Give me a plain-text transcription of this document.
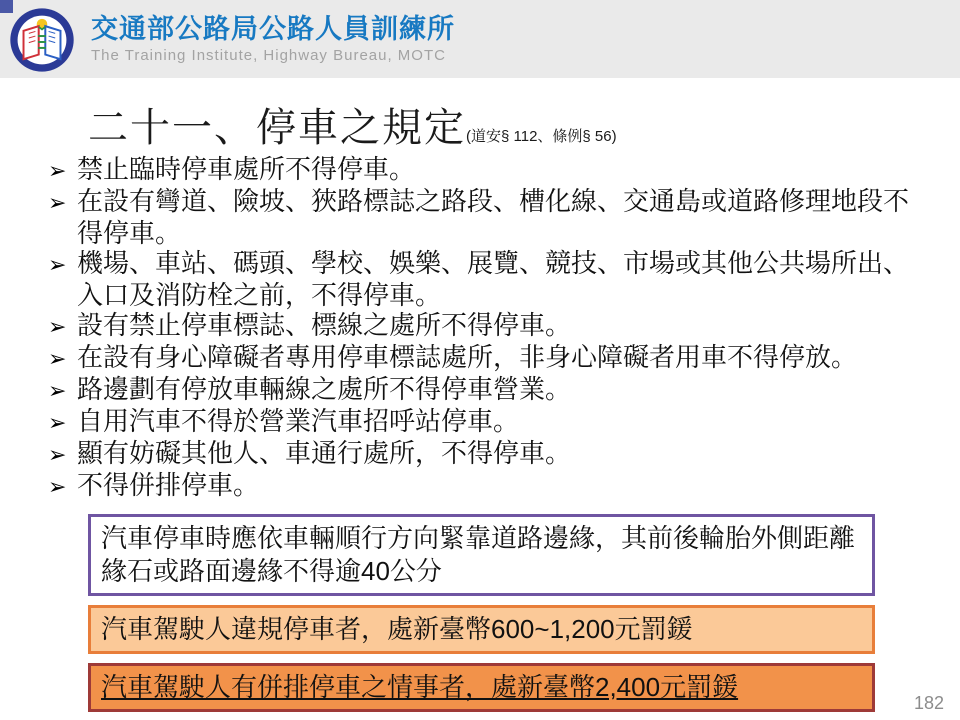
交通部公路局公路人員訓練所
The Training Institute, Highway Bureau, MOTC
二十一、停車之規定(道安§ 112、條例§ 56)
➢ 禁止臨時停車處所不得停車。
➢ 在設有彎道、險坡、狹路標誌之路段、槽化線、交通島或道路修理地段不得停車。
➢ 機場、車站、碼頭、學校、娛樂、展覽、競技、市場或其他公共場所出、入口及消防栓之前，不得停車。
➢ 設有禁止停車標誌、標線之處所不得停車。
➢ 在設有身心障礙者專用停車標誌處所，非身心障礙者用車不得停放。
➢ 路邊劃有停放車輛線之處所不得停車營業。
➢ 自用汽車不得於營業汽車招呼站停車。
➢ 顯有妨礙其他人、車通行處所，不得停車。
➢ 不得併排停車。
汽車停車時應依車輛順行方向緊靠道路邊緣，其前後輪胎外側距離緣石或路面邊緣不得逾40公分
汽車駕駛人違規停車者，處新臺幣600~1,200元罰鍰
汽車駕駛人有併排停車之情事者，處新臺幣2,400元罰鍰
182
